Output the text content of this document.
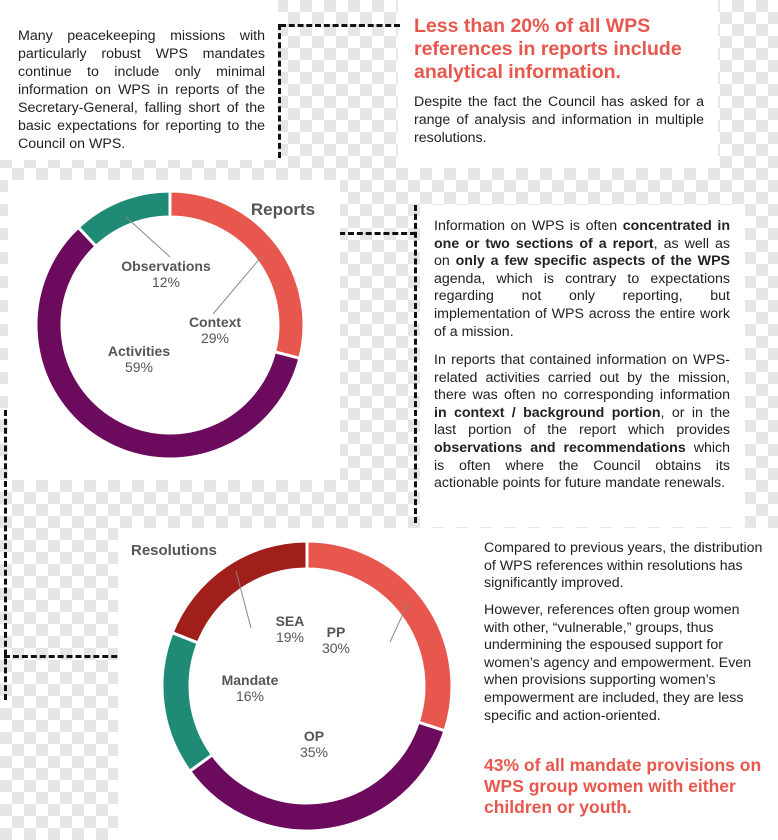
Many peacekeeping missions with particularly robust WPS mandates continue to include only minimal information on WPS in reports of the Secretary-General, falling short of the basic expectations for reporting to the Council on WPS.

Less than 20% of all WPS references in reports include analytical information.

Despite the fact the Council has asked for a range of analysis and information in multiple resolutions.

Context
29%
Activities
59%
Observations
12%
Reports

Information on WPS is often concentrated in one or two sections of a report, as well as on only a few specific aspects of the WPS agenda, which is contrary to expectations regarding not only reporting, but implementation of WPS across the entire work of a mission.

In reports that contained information on WPS-related activities carried out by the mission, there was often no corresponding information in context / background portion, or in the last portion of the report which provides observations and recommendations which is often where the Council obtains its actionable points for future mandate renewals.

PP
30%
OP
35%
Mandate
16%
SEA
19%
Resolutions	Compared to previous years, the distribution of WPS references within resolutions has significantly improved.

However, references often group women with other, “vulnerable,” groups, thus undermining the espoused support for women’s agency and empowerment. Even when provisions supporting women’s empowerment are included, they are less specific and action-oriented.

43% of all mandate provisions on WPS group women with either children or youth.
